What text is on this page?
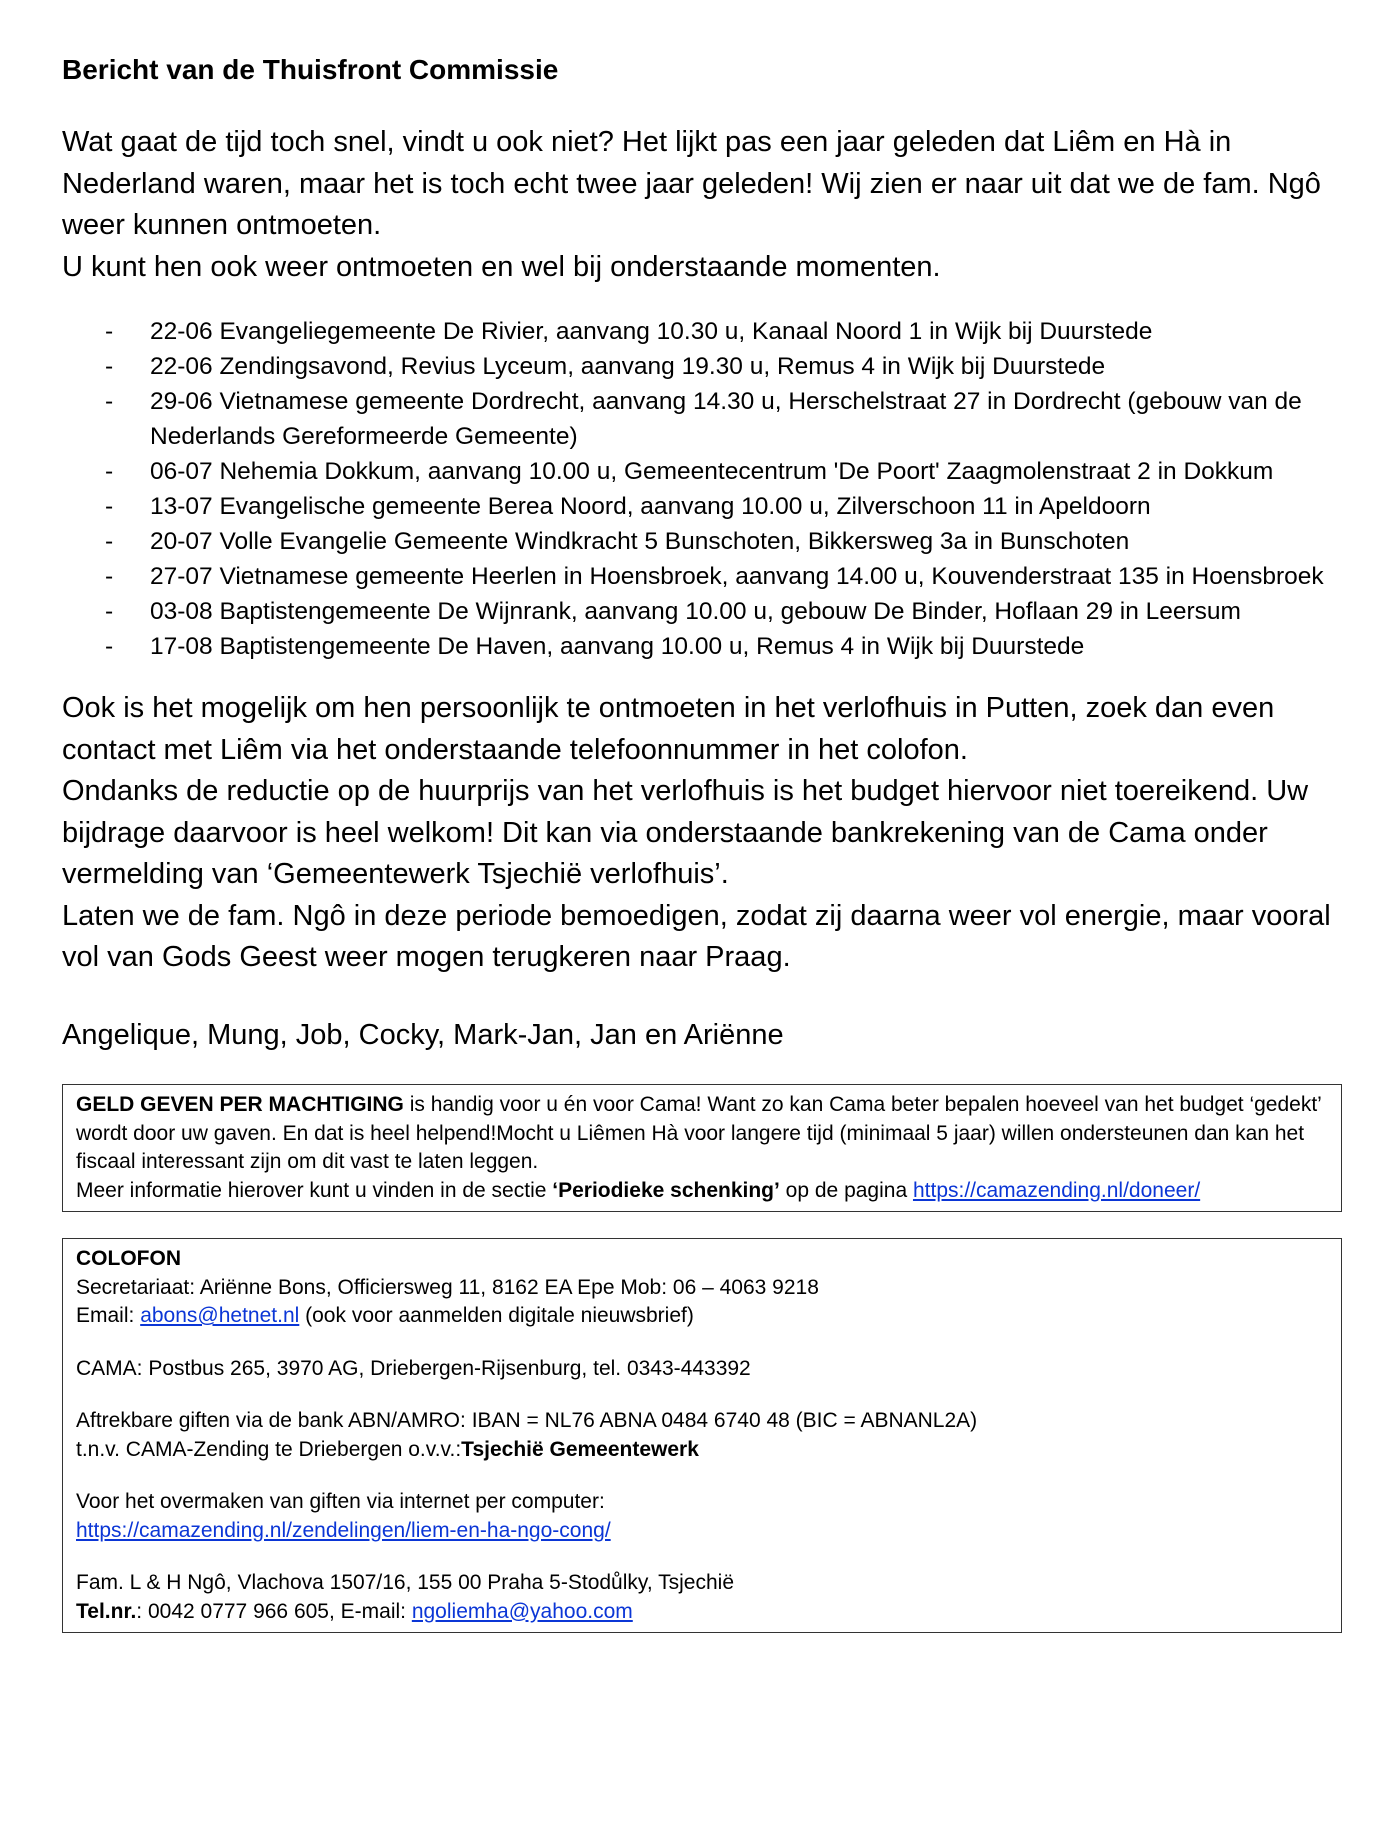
Bericht van de Thuisfront Commissie

Wat gaat de tijd toch snel, vindt u ook niet? Het lijkt pas een jaar geleden dat Liêm en Hà in Nederland waren, maar het is toch echt twee jaar geleden! Wij zien er naar uit dat we de fam. Ngô weer kunnen ontmoeten.

U kunt hen ook weer ontmoeten en wel bij onderstaande momenten.

- 22-06 Evangeliegemeente De Rivier, aanvang 10.30 u, Kanaal Noord 1 in Wijk bij Duurstede
- 22-06 Zendingsavond, Revius Lyceum, aanvang 19.30 u, Remus 4 in Wijk bij Duurstede
- 29-06 Vietnamese gemeente Dordrecht, aanvang 14.30 u, Herschelstraat 27 in Dordrecht (gebouw van de Nederlands Gereformeerde Gemeente)
- 06-07 Nehemia Dokkum, aanvang 10.00 u, Gemeentecentrum 'De Poort' Zaagmolenstraat 2 in Dokkum
- 13-07 Evangelische gemeente Berea Noord, aanvang 10.00 u, Zilverschoon 11 in Apeldoorn
- 20-07 Volle Evangelie Gemeente Windkracht 5 Bunschoten, Bikkersweg 3a in Bunschoten
- 27-07 Vietnamese gemeente Heerlen in Hoensbroek, aanvang 14.00 u, Kouvenderstraat 135 in Hoensbroek
- 03-08 Baptistengemeente De Wijnrank, aanvang 10.00 u, gebouw De Binder, Hoflaan 29 in Leersum
- 17-08 Baptistengemeente De Haven, aanvang 10.00 u, Remus 4 in Wijk bij Duurstede

Ook is het mogelijk om hen persoonlijk te ontmoeten in het verlofhuis in Putten, zoek dan even contact met Liêm via het onderstaande telefoonnummer in het colofon.

Ondanks de reductie op de huurprijs van het verlofhuis is het budget hiervoor niet toereikend. Uw bijdrage daarvoor is heel welkom! Dit kan via onderstaande bankrekening van de Cama onder vermelding van ‘Gemeentewerk Tsjechië verlofhuis’.

Laten we de fam. Ngô in deze periode bemoedigen, zodat zij daarna weer vol energie, maar vooral vol van Gods Geest weer mogen terugkeren naar Praag.

Angelique, Mung, Job, Cocky, Mark-Jan, Jan en Ariënne

GELD GEVEN PER MACHTIGING is handig voor u én voor Cama! Want zo kan Cama beter bepalen hoeveel van het budget ‘gedekt’ wordt door uw gaven. En dat is heel helpend!Mocht u Liêmen Hà voor langere tijd (minimaal 5 jaar) willen ondersteunen dan kan het fiscaal interessant zijn om dit vast te laten leggen.

Meer informatie hierover kunt u vinden in de sectie ‘Periodieke schenking’ op de pagina https://camazending.nl/doneer/

COLOFON

Secretariaat: Ariënne Bons, Officiersweg 11, 8162 EA Epe Mob: 06 – 4063 9218

Email: abons@hetnet.nl (ook voor aanmelden digitale nieuwsbrief)

CAMA: Postbus 265, 3970 AG, Driebergen-Rijsenburg, tel. 0343-443392

Aftrekbare giften via de bank ABN/AMRO: IBAN = NL76 ABNA 0484 6740 48 (BIC = ABNANL2A)

t.n.v. CAMA-Zending te Driebergen o.v.v.:Tsjechië Gemeentewerk

Voor het overmaken van giften via internet per computer:

https://camazending.nl/zendelingen/liem-en-ha-ngo-cong/

Fam. L & H Ngô, Vlachova 1507/16, 155 00 Praha 5-Stodůlky, Tsjechië

Tel.nr.: 0042 0777 966 605, E-mail: ngoliemha@yahoo.com
